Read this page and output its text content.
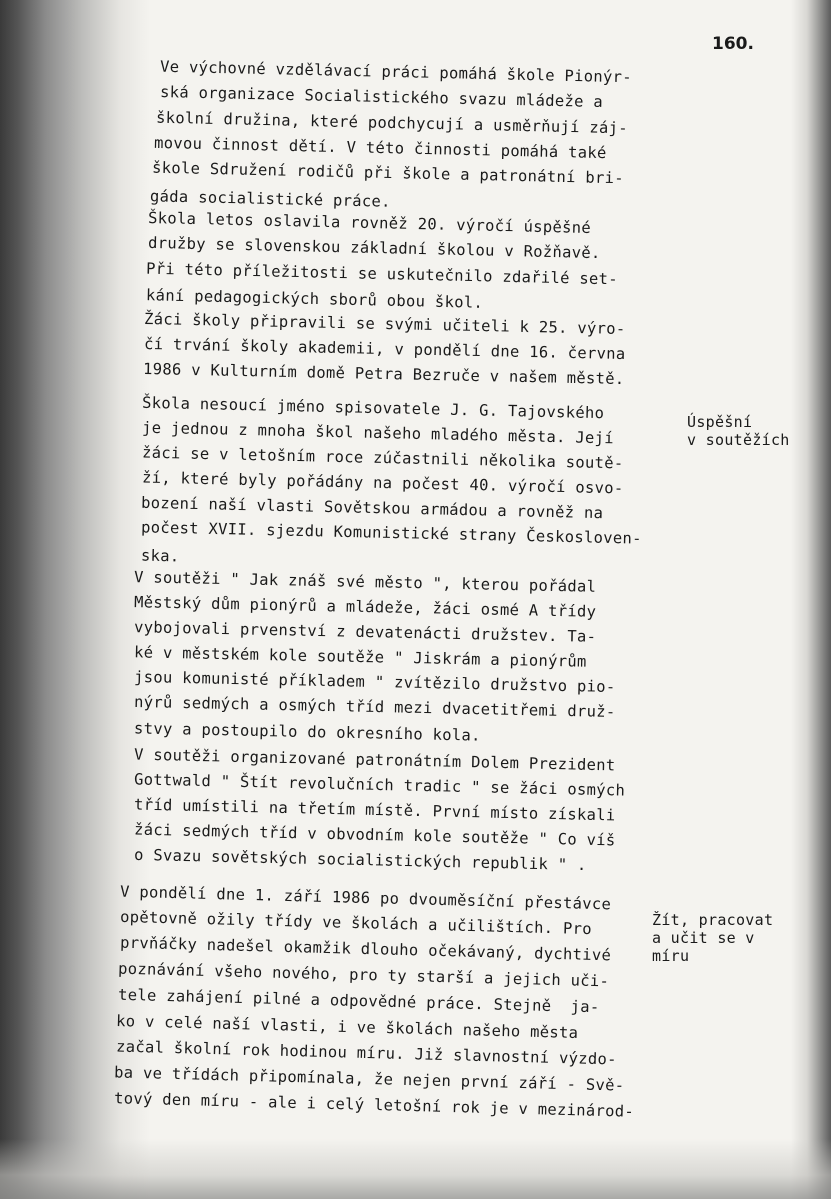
160.
Ve výchovné vzdělávací práci pomáhá škole Pionýr-
ská organizace Socialistického svazu mládeže a
školní družina, které podchycují a usměrňují záj-
movou činnost dětí. V této činnosti pomáhá také
škole Sdružení rodičů při škole a patronátní bri-
gáda socialistické práce.
Škola letos oslavila rovněž 20. výročí úspěšné
družby se slovenskou základní školou v Rožňavě.
Při této příležitosti se uskutečnilo zdařilé set-
kání pedagogických sborů obou škol.
Žáci školy připravili se svými učiteli k 25. výro-
čí trvání školy akademii, v pondělí dne 16. června
1986 v Kulturním domě Petra Bezruče v našem městě.
Škola nesoucí jméno spisovatele J. G. Tajovského
je jednou z mnoha škol našeho mladého města. Její
žáci se v letošním roce zúčastnili několika soutě-
ží, které byly pořádány na počest 40. výročí osvo-
bození naší vlasti Sovětskou armádou a rovněž na
počest XVII. sjezdu Komunistické strany Českosloven-
ska.
V soutěži " Jak znáš své město ", kterou pořádal
Městský dům pionýrů a mládeže, žáci osmé A třídy
vybojovali prvenství z devatenácti družstev. Ta-
ké v městském kole soutěže " Jiskrám a pionýrům
jsou komunisté příkladem " zvítězilo družstvo pio-
nýrů sedmých a osmých tříd mezi dvacetitřemi druž-
stvy a postoupilo do okresního kola.
V soutěži organizované patronátním Dolem Prezident
Gottwald " Štít revolučních tradic " se žáci osmých
tříd umístili na třetím místě. První místo získali
žáci sedmých tříd v obvodním kole soutěže " Co víš
o Svazu sovětských socialistických republik " .
V pondělí dne 1. září 1986 po dvouměsíční přestávce
opětovně ožily třídy ve školách a učilištích. Pro
prvňáčky nadešel okamžik dlouho očekávaný, dychtivé
poznávání všeho nového, pro ty starší a jejich uči-
tele zahájení pilné a odpovědné práce. Stejně  ja-
ko v celé naší vlasti, i ve školách našeho města
začal školní rok hodinou míru. Již slavnostní výzdo-
ba ve třídách připomínala, že nejen první září - Svě-
tový den míru - ale i celý letošní rok je v mezinárod-
Úspěšní
v soutěžích
Žít, pracovat
a učit se v
míru
